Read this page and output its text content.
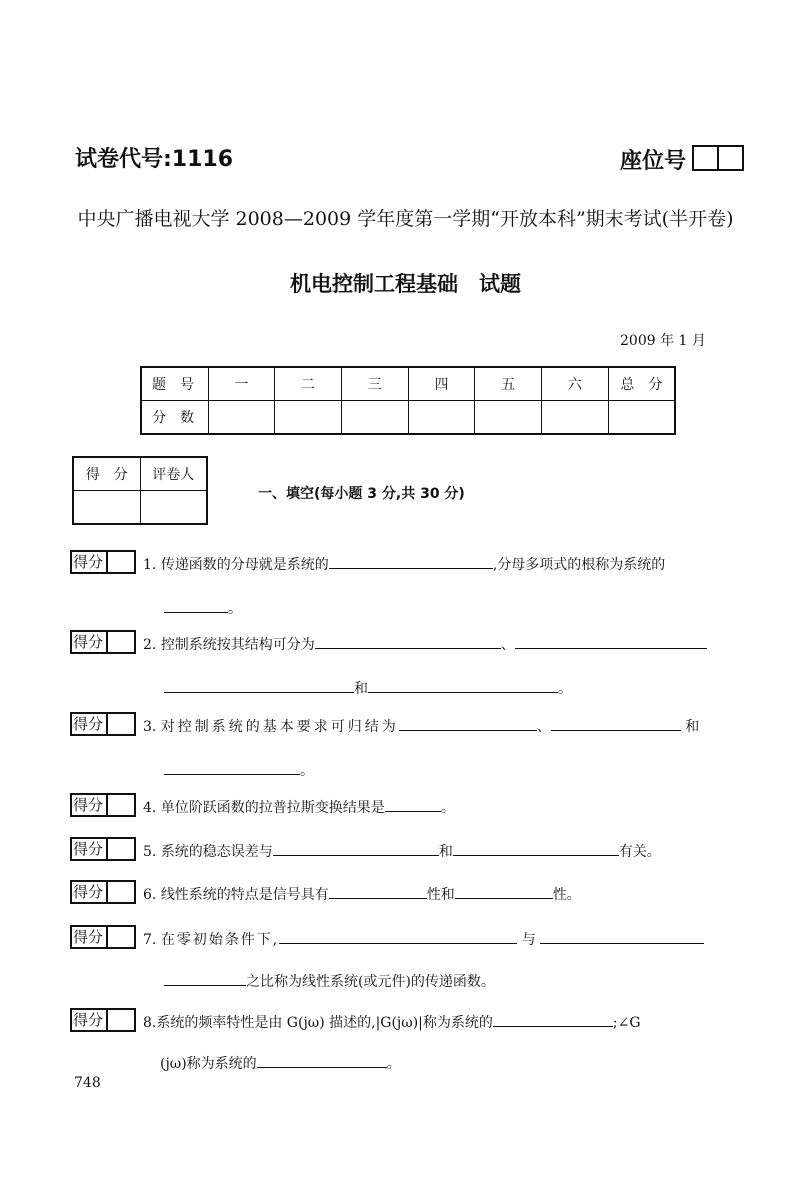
试卷代号:1116	座位号
中央广播电视大学 2008—2009 学年度第一学期“开放本科”期末考试(半开卷)
机电控制工程基础　试题
2009 年 1 月
题　号	一	二	三	四	五	六	总　分
分　数							
得　分	评卷人

一、填空(每小题 3 分,共 30 分)
得分	1. 传递函数的分母就是系统的	,分母多项式的根称为系统的
。
得分	2. 控制系统按其结构可分为	、
和	。
得分	3. 对控制系统的基本要求可归结为	、	和
。
得分	4. 单位阶跃函数的拉普拉斯变换结果是	。
得分	5. 系统的稳态误差与	和	有关。
得分	6. 线性系统的特点是信号具有	性和	性。
得分	7. 在零初始条件下,	与
之比称为线性系统(或元件)的传递函数。
得分	8.系统的频率特性是由 G(jω) 描述的,|G(jω)|称为系统的	;∠G
(jω)称为系统的	。
748
